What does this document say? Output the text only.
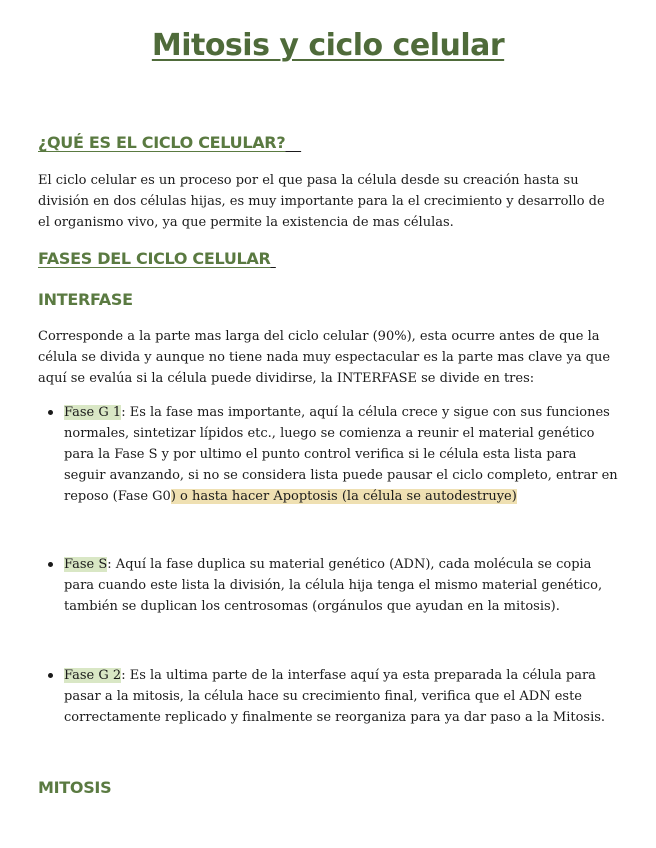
Mitosis y ciclo celular
¿QUÉ ES EL CICLO CELULAR?
El ciclo celular es un proceso por el que pasa la célula desde su creación hasta su división en dos células hijas, es muy importante para la el crecimiento y desarrollo de el organismo vivo, ya que permite la existencia de mas células.
FASES DEL CICLO CELULAR
INTERFASE
Corresponde a la parte mas larga del ciclo celular (90%), esta ocurre antes de que la célula se divida y aunque no tiene nada muy espectacular es la parte mas clave ya que aquí se evalúa si la célula puede dividirse, la INTERFASE se divide en tres:
Fase G 1: Es la fase mas importante, aquí la célula crece y sigue con sus funciones normales, sintetizar lípidos etc., luego se comienza a reunir el material genético para la Fase S y por ultimo el punto control verifica si le célula esta lista para seguir avanzando, si no se considera lista puede pausar el ciclo completo, entrar en reposo (Fase G0) o hasta hacer Apoptosis (la célula se autodestruye)
Fase S: Aquí la fase duplica su material genético (ADN), cada molécula se copia para cuando este lista la división, la célula hija tenga el mismo material genético, también se duplican los centrosomas (orgánulos que ayudan en la mitosis).
Fase G 2: Es la ultima parte de la interfase aquí ya esta preparada la célula para pasar a la mitosis, la célula hace su crecimiento final, verifica que el ADN este correctamente replicado y finalmente se reorganiza para ya dar paso a la Mitosis.
MITOSIS
